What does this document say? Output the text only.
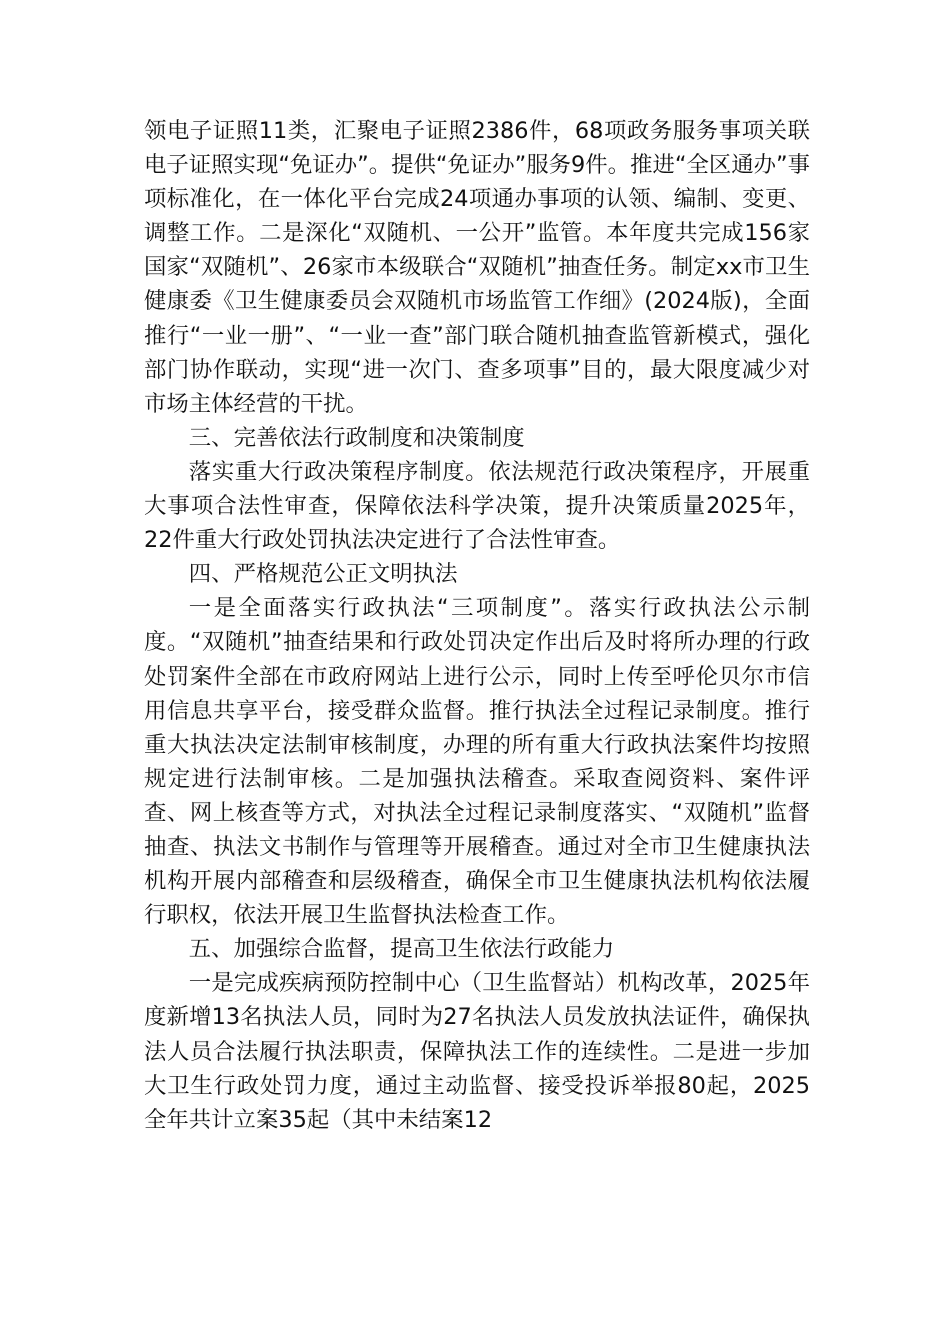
领电子证照11类，汇聚电子证照2386件，68项政务服务事项关联电子证照实现“免证办”。提供“免证办”服务9件。推进“全区通办”事项标准化，在一体化平台完成24项通办事项的认领、编制、变更、调整工作。二是深化“双随机、一公开”监管。本年度共完成156家国家“双随机”、26家市本级联合“双随机”抽查任务。制定xx市卫生健康委《卫生健康委员会双随机市场监管工作细》(2024版)，全面推行“一业一册”、“一业一查”部门联合随机抽查监管新模式，强化部门协作联动，实现“进一次门、查多项事”目的，最大限度减少对市场主体经营的干扰。

三、完善依法行政制度和决策制度

落实重大行政决策程序制度。依法规范行政决策程序，开展重大事项合法性审查，保障依法科学决策，提升决策质量2025年，22件重大行政处罚执法决定进行了合法性审查。

四、严格规范公正文明执法

一是全面落实行政执法“三项制度”。落实行政执法公示制度。“双随机”抽查结果和行政处罚决定作出后及时将所办理的行政处罚案件全部在市政府网站上进行公示，同时上传至呼伦贝尔市信用信息共享平台，接受群众监督。推行执法全过程记录制度。推行重大执法决定法制审核制度，办理的所有重大行政执法案件均按照规定进行法制审核。二是加强执法稽查。采取查阅资料、案件评查、网上核查等方式，对执法全过程记录制度落实、“双随机”监督抽查、执法文书制作与管理等开展稽查。通过对全市卫生健康执法机构开展内部稽查和层级稽查，确保全市卫生健康执法机构依法履行职权，依法开展卫生监督执法检查工作。

五、加强综合监督，提高卫生依法行政能力

一是完成疾病预防控制中心（卫生监督站）机构改革，2025年度新增13名执法人员，同时为27名执法人员发放执法证件，确保执法人员合法履行执法职责，保障执法工作的连续性。二是进一步加大卫生行政处罚力度，通过主动监督、接受投诉举报80起，2025全年共计立案35起（其中未结案12
